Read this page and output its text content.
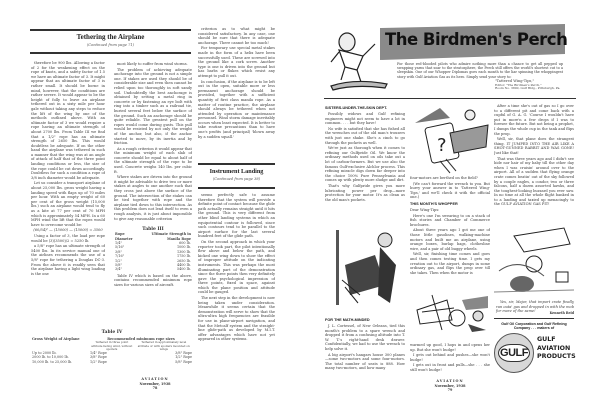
Tethering the Airplane
(Continued from page 71)

therefore be 900 lbs. Allowing a factor of 2 for the weakening effect on the rope of knots, and a safety factor of 1.5 we have an ultimate factor of 3. It might appear that an ultimate factor of 3 is rather small. It should be borne in mind, however, that the conditions are rather severe. It would appear to be the height of folly to leave an airplane tethered out in a sixty mile per hour gale without taking any steps to reduce the lift of the wing by one of the methods outlined above. With an ultimate factor of 3 we would require a rope having an ultimate strength of about 2700 lbs. From Table III we find that a 1/2" rope has an ultimate strength of 2650 lbs. This would doubtless be adequate. If on the other hand the airplane was tethered in such a manner that the wing was at an angle of attack of half that of the three point landing conditions or less, the size of the rope could be cut down accordingly. Doubtless for such a condition a rope of 3/8 inch diameter would be adequate.

Let us consider a transport airplane of about 25,000 lbs. gross weight having a landing speed with flaps up of 70 miles per hour. With an empty weight of 60 per cent of the gross weight (15,000 lbs.) such an airplane would tend to fly as a kite at 77 per cent of 70 MPH which is approximately 54 MPH. In a 60 MPH wind the lift that the ropes would have to overcome would be:

(60/54)² — (15000) — (15000) = 3500

Using a factor of 3, the load per rope would be (3)(3500)/2 = 5250 lb.

a 5/8" rope has an ultimate strength of 5400 lbs. In its service manual one of the airlines recommends the use of a 5/8" rope for tethering a Douglas DC-3. From the above it is readily seen that the airplane having a light wing loading is the one

most likely to suffer from wind storms.

The problem of achieving adequate anchorage into the ground is not a simple one. If stakes are used they should be of considerable size and even then cannot be relied upon too thoroughly in soft sandy soil. Undoubtedly the best anchorage is obtained by setting a metal ring in concrete or by fastening an eye bolt with ring into a timber such as a railroad tie, buried several feet below the surface of the ground. Such an anchorage should be quite reliable. The greatest pull on the ropes would come during gusts. This pull would be resisted by not only the weight of the anchor, but also, if the anchor started to move, by its inertia and by friction.

As a rough criterion it would appear that the minimum weight of each slab of concrete should be equal to about half of the ultimate strength of the rope to be used. Concrete weighs 140 lbs. per cubic ft.

Where stakes are driven into the ground it might be advisable to drive two or more stakes at angles to one another such that they cross just above the surface of the ground. The intersection of the stakes can be tied together with rope and the airplane tied down to this intersection. As this problem does not lend itself to even a rough analysis, it is just about impossible to give any reasonable criterion

Table III
Rope Diameter	Ultimate Strength in Manila Rope
1/4"	600 lb.
5/16"	1000 lb.
3/8"	1300 lb.
7/16"	1750 lb.
1/2"	2650 lb.
5/8"	4400 lb.
3/4"	5400 lb.

Table IV which is based on the above, contains recommended minimum rope sizes for various sizes of aircraft.

criterion as to what might be considered satisfactory. In any case, one should be sure that there is adequate anchorage. There cannot be too much!

For temporary use special metal stakes made in the form of a helix have been successfully used. These are screwed into the ground like a cork screw. Another type is one is driven into the ground but has barbs or flukes which resist any attempt to pull it out.

In conclusion, if the airplane is to be left out in the open, suitable more or less permanent anchorage should be provided, together with a sufficient quantity of first class manila rope. As a matter of routine practice, the airplane should always be tethered when not attended by operation or maintenance personnel. Wind storm damage inevitably occurs when least expected. It is better to take routine precautions than to have one's profits (and principal) 'blown away by a sudden squall.'

Instrument Landing
(Continued from page 38)

seems perfectly safe to assume therefore that the system will provide a definite point of contact because the glide path actually remains straight until it hits the ground. This is very different from other blind landing systems in which an equipotential contour is followed, since such contours tend to be parallel to the airport surface for the last several hundred feet of the glide path.

On the second approach in which your reporter took part, the pilot intentionally flew above and below the path, and kicked one wing down to show the effect of improper attitude on the indicating instruments. This was perhaps the most illuminating part of the demonstration since the three points then very definitely gave the psychological impression of three points, fixed in space, against which the plane position and attitude could be gauged.

The next step in the development is now being taken under consideration. Meanwhile it seems certain that the demonstration will serve to show that the ultra-ultra high frequencies are feasible for use in plane-airport navigation, and that the Metcalf system and the straight-line glide-path as developed by M.I.T. offer advantages which have not yet appeared in other systems.

Table IV
Gross Weight of Airplane	Recommended minimum rope sizes	
	Tethered in three point attitude facing wind, without spoilers	Tethered in approximately level attitude or with spoilers mounted on wings
Up to 2000 lb.	1/4" Rope	3/8" Rope
2000 lb. to 10,000 lb.	3/8" Rope	1/2" Rope
10,000 lb. to 25,000 lb.	1/2" Rope	5/8" Rope
AVIATION
November, 1938
78
The Birdmen's Perch

For those red-blooded pilots who admire nothing more than a chance to get all pepped up swapping yarns that soar to the stratosphere, the Perch still offers the world's shortest cut to a sleepskin. One of our Whopper Diplomas goes each month to the liar spinning the whoppingest story with Gulf Aviation Gas as its hero. Simply send your story to:

"Tattered Wing-Tips,"
Editor, "The Birdmen's Perch,"
Room No. 3800, Gulf Bldg., Pittsburgh, Pa.
SISTERS-UNDER-THE-SKIN DEPT.

Possibly widows and Gulf refining engineers might not seem to have a lot in common. . . . but they have!

No wife is satisfied that she has fished all the wrenches out of the old man's trousers with just one shake. She's a cinch to go through the pockets as well.

We're just as thorough when it comes to refining our Gulfpride Oil. We know the ordinary methods used on oils take out a lot of carbon-formers. But we use also the famous Gulf-exclusive Alchlor process. This refining miracle digs down far deeper into the choice 100% Pure Pennsylvania and comes up with plenty more sludge and dirt.

That's why Gulfpride gives you more lubricating power per drop—more protection for your motor. It's as clean as the old man's pockets.

FOR THE MATH-MINDED

J. L. Cortessel, of New Orleans, tied this month's problem to a spare wrench and dropped it from a confusing altitude into T. W. T.'s right-hand desk drawer. Confidentially, we had to use the wrench to help solve it.

A big airport's hangars house 300 planes—some two-motors and some four-motors. The total number of seats is 888. How many two-motors, and how many

?

four-motors are berthed on the field?

(We can't forward the wrench to you. But hurry your answer in to 'Tattered Wing-Tips,' and we'll check it with the official one.)

THIS MONTH'S WHOPPER

Dear Wing-Tips:

Here's one I'm swearing to on a stack of fish stories and Chamber of Commerce brochures.

About three years ago I got me one of those little gasolines, walking-machine motors and built me an airplane, using orange boxes, burlap bags, clothesline wire, and a pair of old buggy wheels.

Well, sir, finishing time comes and goes and then comes testing time. I gets my creation out to the airport, dumps in some ordinary gas, and flips the prop over till she takes. Then when the motor is

warmed up good, I hops in and opens her up. But she won't budge!

I gets out behind and pushes—she won't budge!

I gets out in front and pulls—she . . . she still won't budge!

After a time she's out of gas so I go over to a different pit and come back with a cupful of G. A. G. 'Course I wouldn't have put in more'n a few drops if I was to foresee the future. But not being a prophet, I dumps the whole cup in the tank and flips the prop.

Well, sir, that plane does the strangest thing. IT JUMPED INTO THE AIR LIKE A SHOT-GUNNED RABBIT AND WAS GONE! Just like that!

That was three years ago and I didn't see hide nor hair of my baby till the other day when I was cruisin' around over to the airport. All of a sudden that flying orange crate comes beatin' out of the sky followed by a couple eagles, a condor, two or three falcons, half a dozen assorted hawks, and the toughest-looking buzzard you ever saw. In no time at all the whole flight banked in to a landing and taxied up menacingly to the GULF AVIATION GAS PIT!

Yes, sir, Major, that import crate finally ran outa' gas and dropped in with the mob for more of the same!	Kenneth Reid
Gulf Oil Corporation and Gulf Refining Company . . . makers of
GULF
GULF
AVIATION
PRODUCTS
AVIATION
November, 1938
79
